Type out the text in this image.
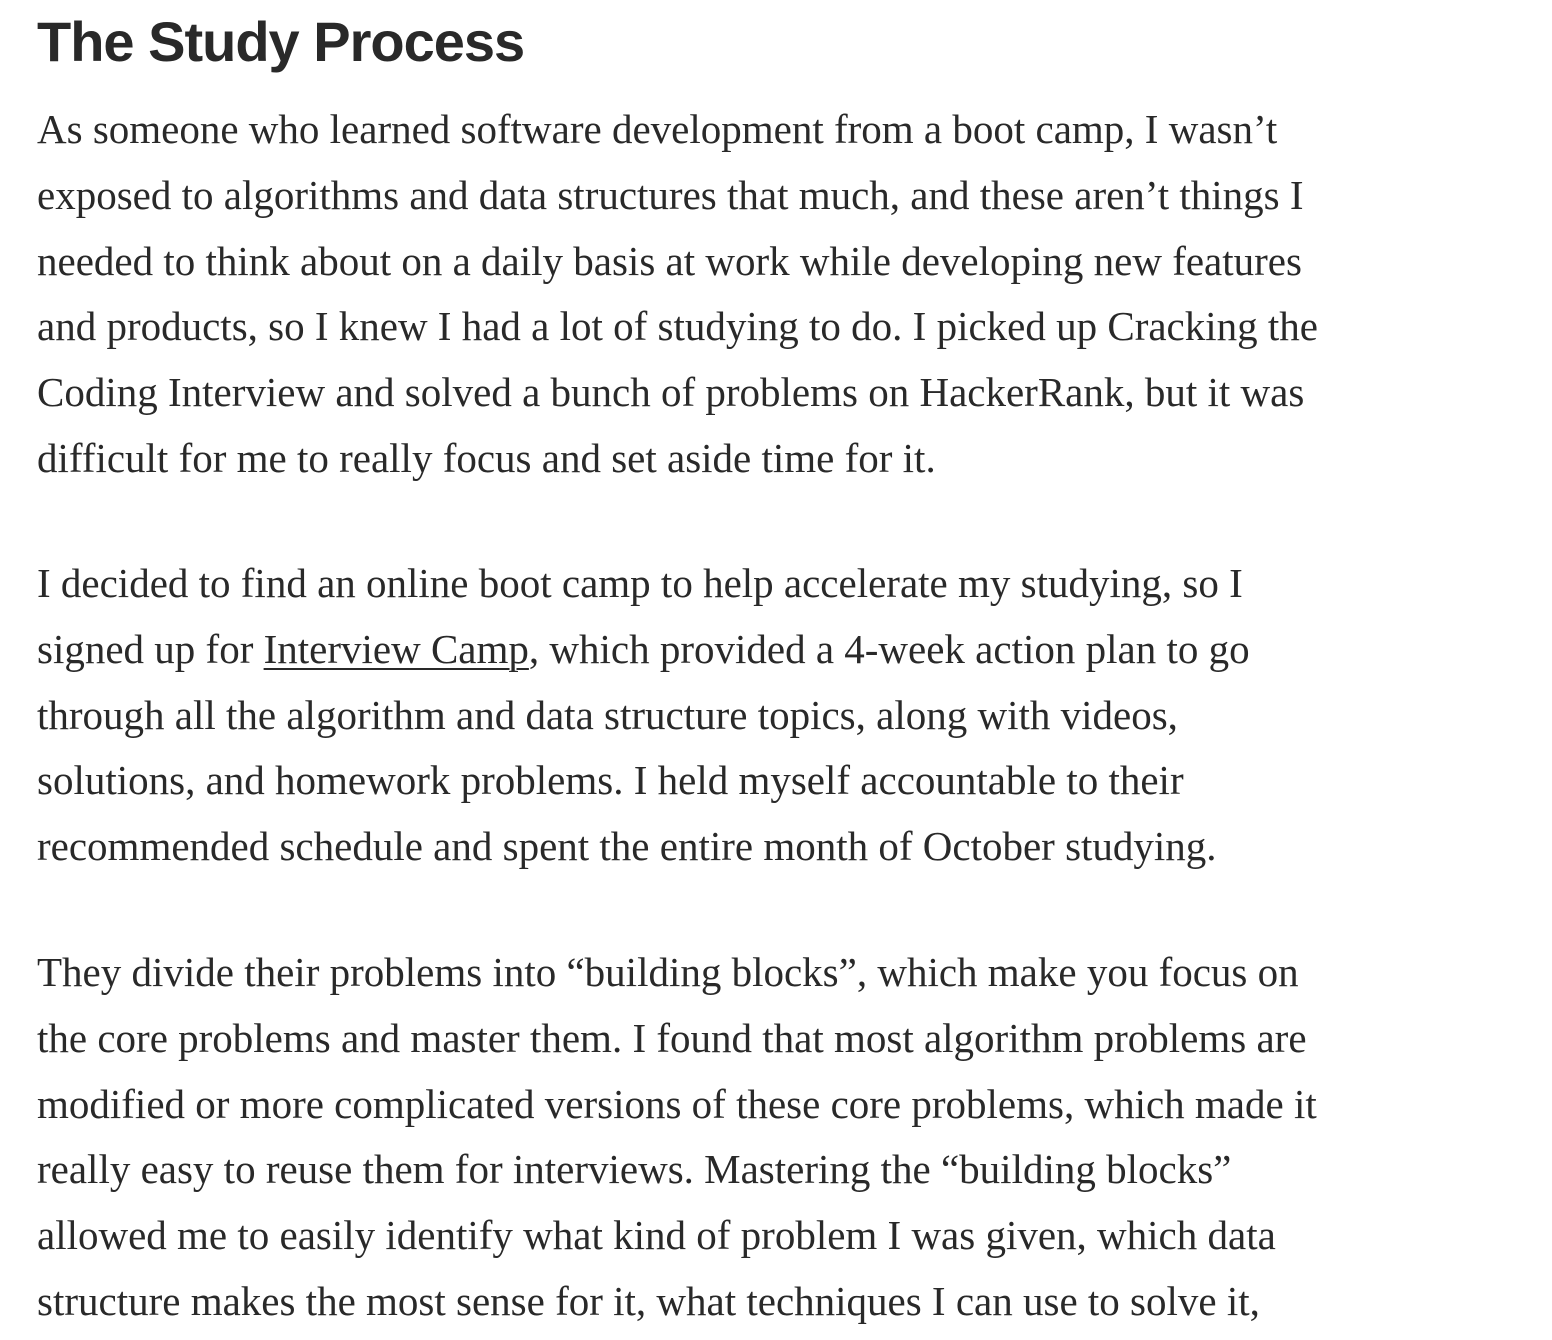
The Study Process

As someone who learned software development from a boot camp, I wasn’t
exposed to algorithms and data structures that much, and these aren’t things I
needed to think about on a daily basis at work while developing new features
and products, so I knew I had a lot of studying to do. I picked up Cracking the
Coding Interview and solved a bunch of problems on HackerRank, but it was
difficult for me to really focus and set aside time for it.

I decided to find an online boot camp to help accelerate my studying, so I
signed up for Interview Camp, which provided a 4-week action plan to go
through all the algorithm and data structure topics, along with videos,
solutions, and homework problems. I held myself accountable to their
recommended schedule and spent the entire month of October studying.

They divide their problems into “building blocks”, which make you focus on
the core problems and master them. I found that most algorithm problems are
modified or more complicated versions of these core problems, which made it
really easy to reuse them for interviews. Mastering the “building blocks”
allowed me to easily identify what kind of problem I was given, which data
structure makes the most sense for it, what techniques I can use to solve it,
